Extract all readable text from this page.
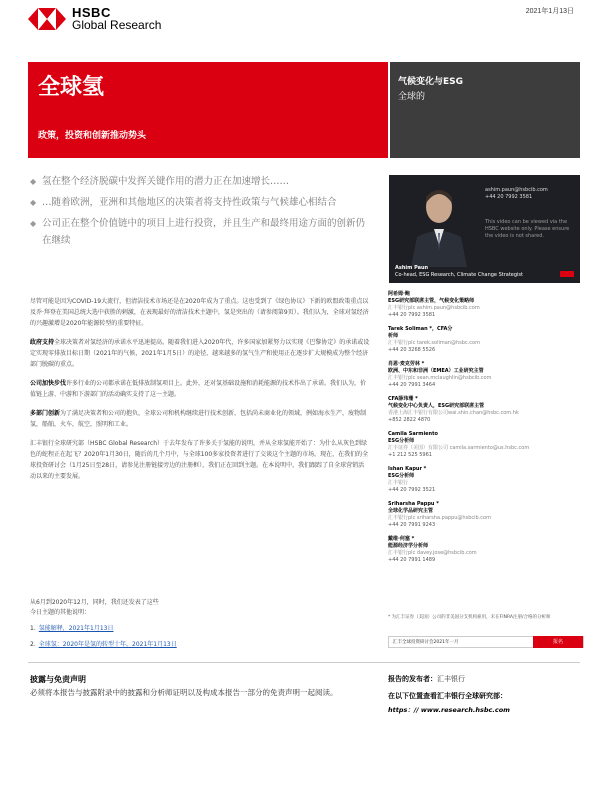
HSBC
Global Research
2021年1月13日
全球氢
政策，投资和创新推动势头
气候变化与ESG
全球的
◆ 氢在整个经济脱碳中发挥关键作用的潜力正在加速增长……
◆ …随着欧洲，亚洲和其他地区的决策者将支持性政策与气候雄心相结合
◆ 公司正在整个价值链中的项目上进行投资，并且生产和最终用途方面的创新仍在继续
ashim.paun@hsbcib.com
+44 20 7992 3581
This video can be viewed via the HSBC website only. Please ensure the video is not shared.
Ashim Paun
Co-head, ESG Research, Climate Change Strategist

尽管可能是因为COVID-19大流行，但清洁技术市场还是在2020年成为了重点。这也受到了《绿色协议》下新的欧盟政策重点以及乔·拜登在美国总统大选中获胜的刺激，在表现最好的清洁技术主题中，氢是突出的（请参阅第9页）。我们认为，全球对氢经济的兴趣激增是2020年能源转型的重要特征。

政府支持全球决策者对氢经济的承诺水平迅速提高。随着我们进入2020年代，许多国家加紧努力以实现《巴黎协定》的承诺或设定实现零排放目标日期（2021年的气候，2021年1月5日）的途径，越来越多的氢气生产和使用正在逐步扩大规模成为整个经济部门脱碳的重点。

公司加快步伐许多行业的公司都承诺在低排放制氢项目上。此外，还对氢基础设施和消耗能源的技术作出了承诺。我们认为，价值链上游、中游和下游部门的活动确实支持了这一主题。

多部门创新为了满足决策者和公司的抱负，全球公司和机构继续进行技术创新，包括尚未商业化的领域，例如海水生产，废物制氢，船舶，火车，航空，照明和工业。

汇丰银行全球研究部（HSBC Global Research）于去年发布了许多关于氢能的说明，并从全球氢能开始了：为什么从灰色到绿色的蛇程正在起飞？2020年1月30日，随后的几个月中，与全球100多家投资者进行了交谈这个主题的市场。现在，在我们的全球投资研讨会（1月25日至28日，请参见注册链接旁边的注册框），我们正在回到主题。在本说明中，我们跟踪了自全球营销活动以来的主要发展。

从6月到2020年12月，同时，我们还发表了这些
今日主题的其他说明：
1. 氢能解释，2021年1月13日
2. 全球氢：2020年是氢的转型十年，2021年1月13日
阿希姆·鲍
ESG研究部联席主管，气候变化策略师
汇丰银行plc ashim.paun@hsbcib.com
+44 20 7992 3581
Tarek Soliman *，CFA分
析师
汇丰银行plc tarek.soliman@hsbc.com
+44 20 3268 5526
肖恩·麦克劳林 *
欧洲、中东和非洲（EMEA）工业研究主管
汇丰银行plc sean.mclaughlin@hsbcib.com
+44 20 7991 3464
CFA薛玮珊 *
气候变化中心负责人，ESG研究部联席主管
香港上海汇丰银行有限公司wai.shin.chan@hsbc.com.hk
+852 2822 4870
Camila Sarmiento
ESG分析师
汇丰证券（美国）有限公司 camila.sarmiento@us.hsbc.com
+1 212 525 5961
Ishan Kapur *
ESG分析师
汇丰银行
+44 20 7992 3521
Sriharsha Pappu *
全球化学品研究主管
汇丰银行plc sriharsha.pappu@hsbcib.com
+44 20 7991 9243
戴维·何塞 *
能源经济学分析师
汇丰银行plc davey.jose@hsbcib.com
+44 20 7991 1489
* 为汇丰证券（美国）公司的非美国分支机构雇用，未在FINRA注册/合格的分析师
汇丰全球投资研讨会2021年一月	报名
披露与免责声明
必须将本报告与披露附录中的披露和分析师证明以及构成本报告一部分的免责声明一起阅读。
报告的发布者：汇丰银行
在以下位置查看汇丰银行全球研究部：
https：// www.research.hsbc.com
